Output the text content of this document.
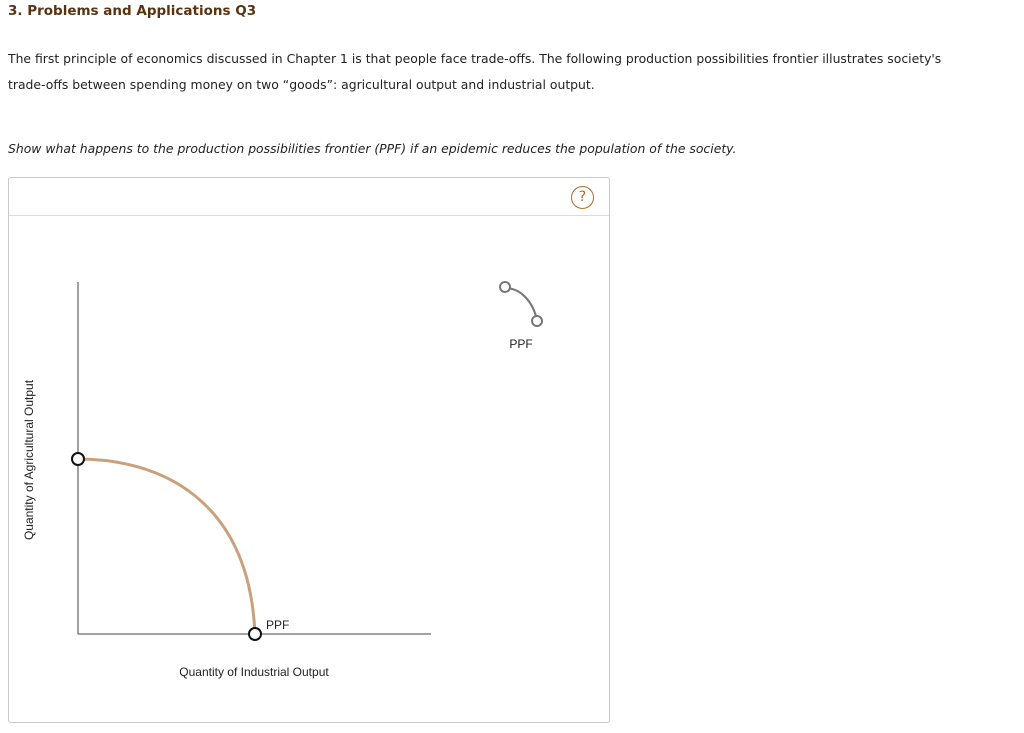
3. Problems and Applications Q3
The first principle of economics discussed in Chapter 1 is that people face trade-offs. The following production possibilities frontier illustrates society's
trade-offs between spending money on two “goods”: agricultural output and industrial output.
Show what happens to the production possibilities frontier (PPF) if an epidemic reduces the population of the society.
?
PPF
Quantity of Industrial Output
Quantity of Agricultural Output
PPF
